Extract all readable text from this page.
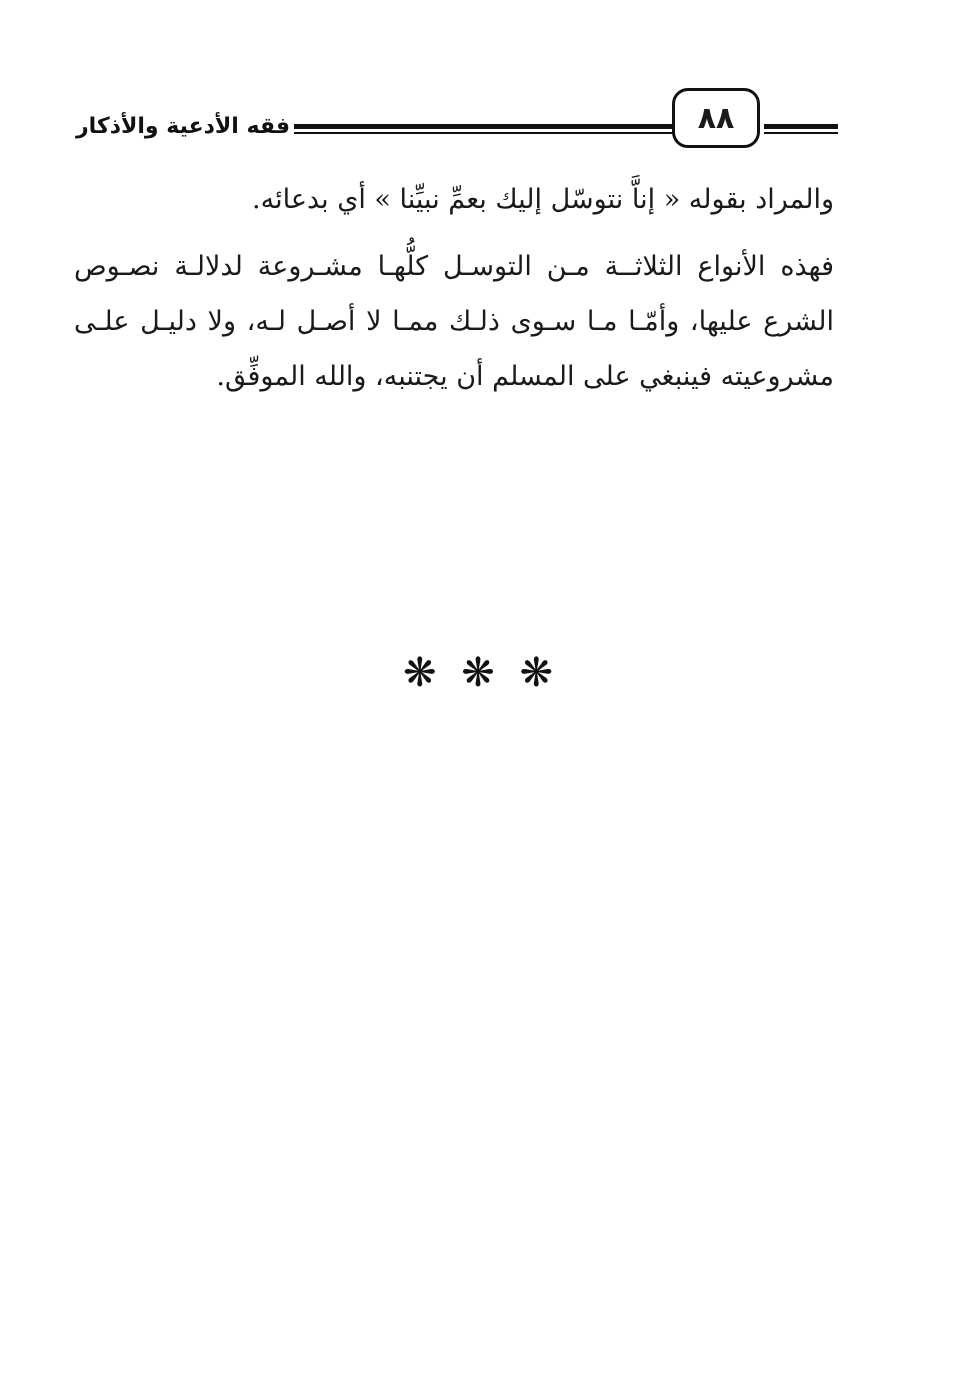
فقه الأدعية والأذكار	٨٨

والمراد بقوله « إناَّ نتوسّل إليك بعمِّ نبيِّنا » أي بدعائه.

فهذه الأنواع الثلاثــة مـن التوسـل كلُّهـا مشـروعة لدلالـة نصـوص الشرع عليها، وأمّـا مـا سـوى ذلـك ممـا لا أصـل لـه، ولا دليـل علـى مشروعيته فينبغي على المسلم أن يجتنبه، والله الموفِّق.

❋ ❋ ❋
